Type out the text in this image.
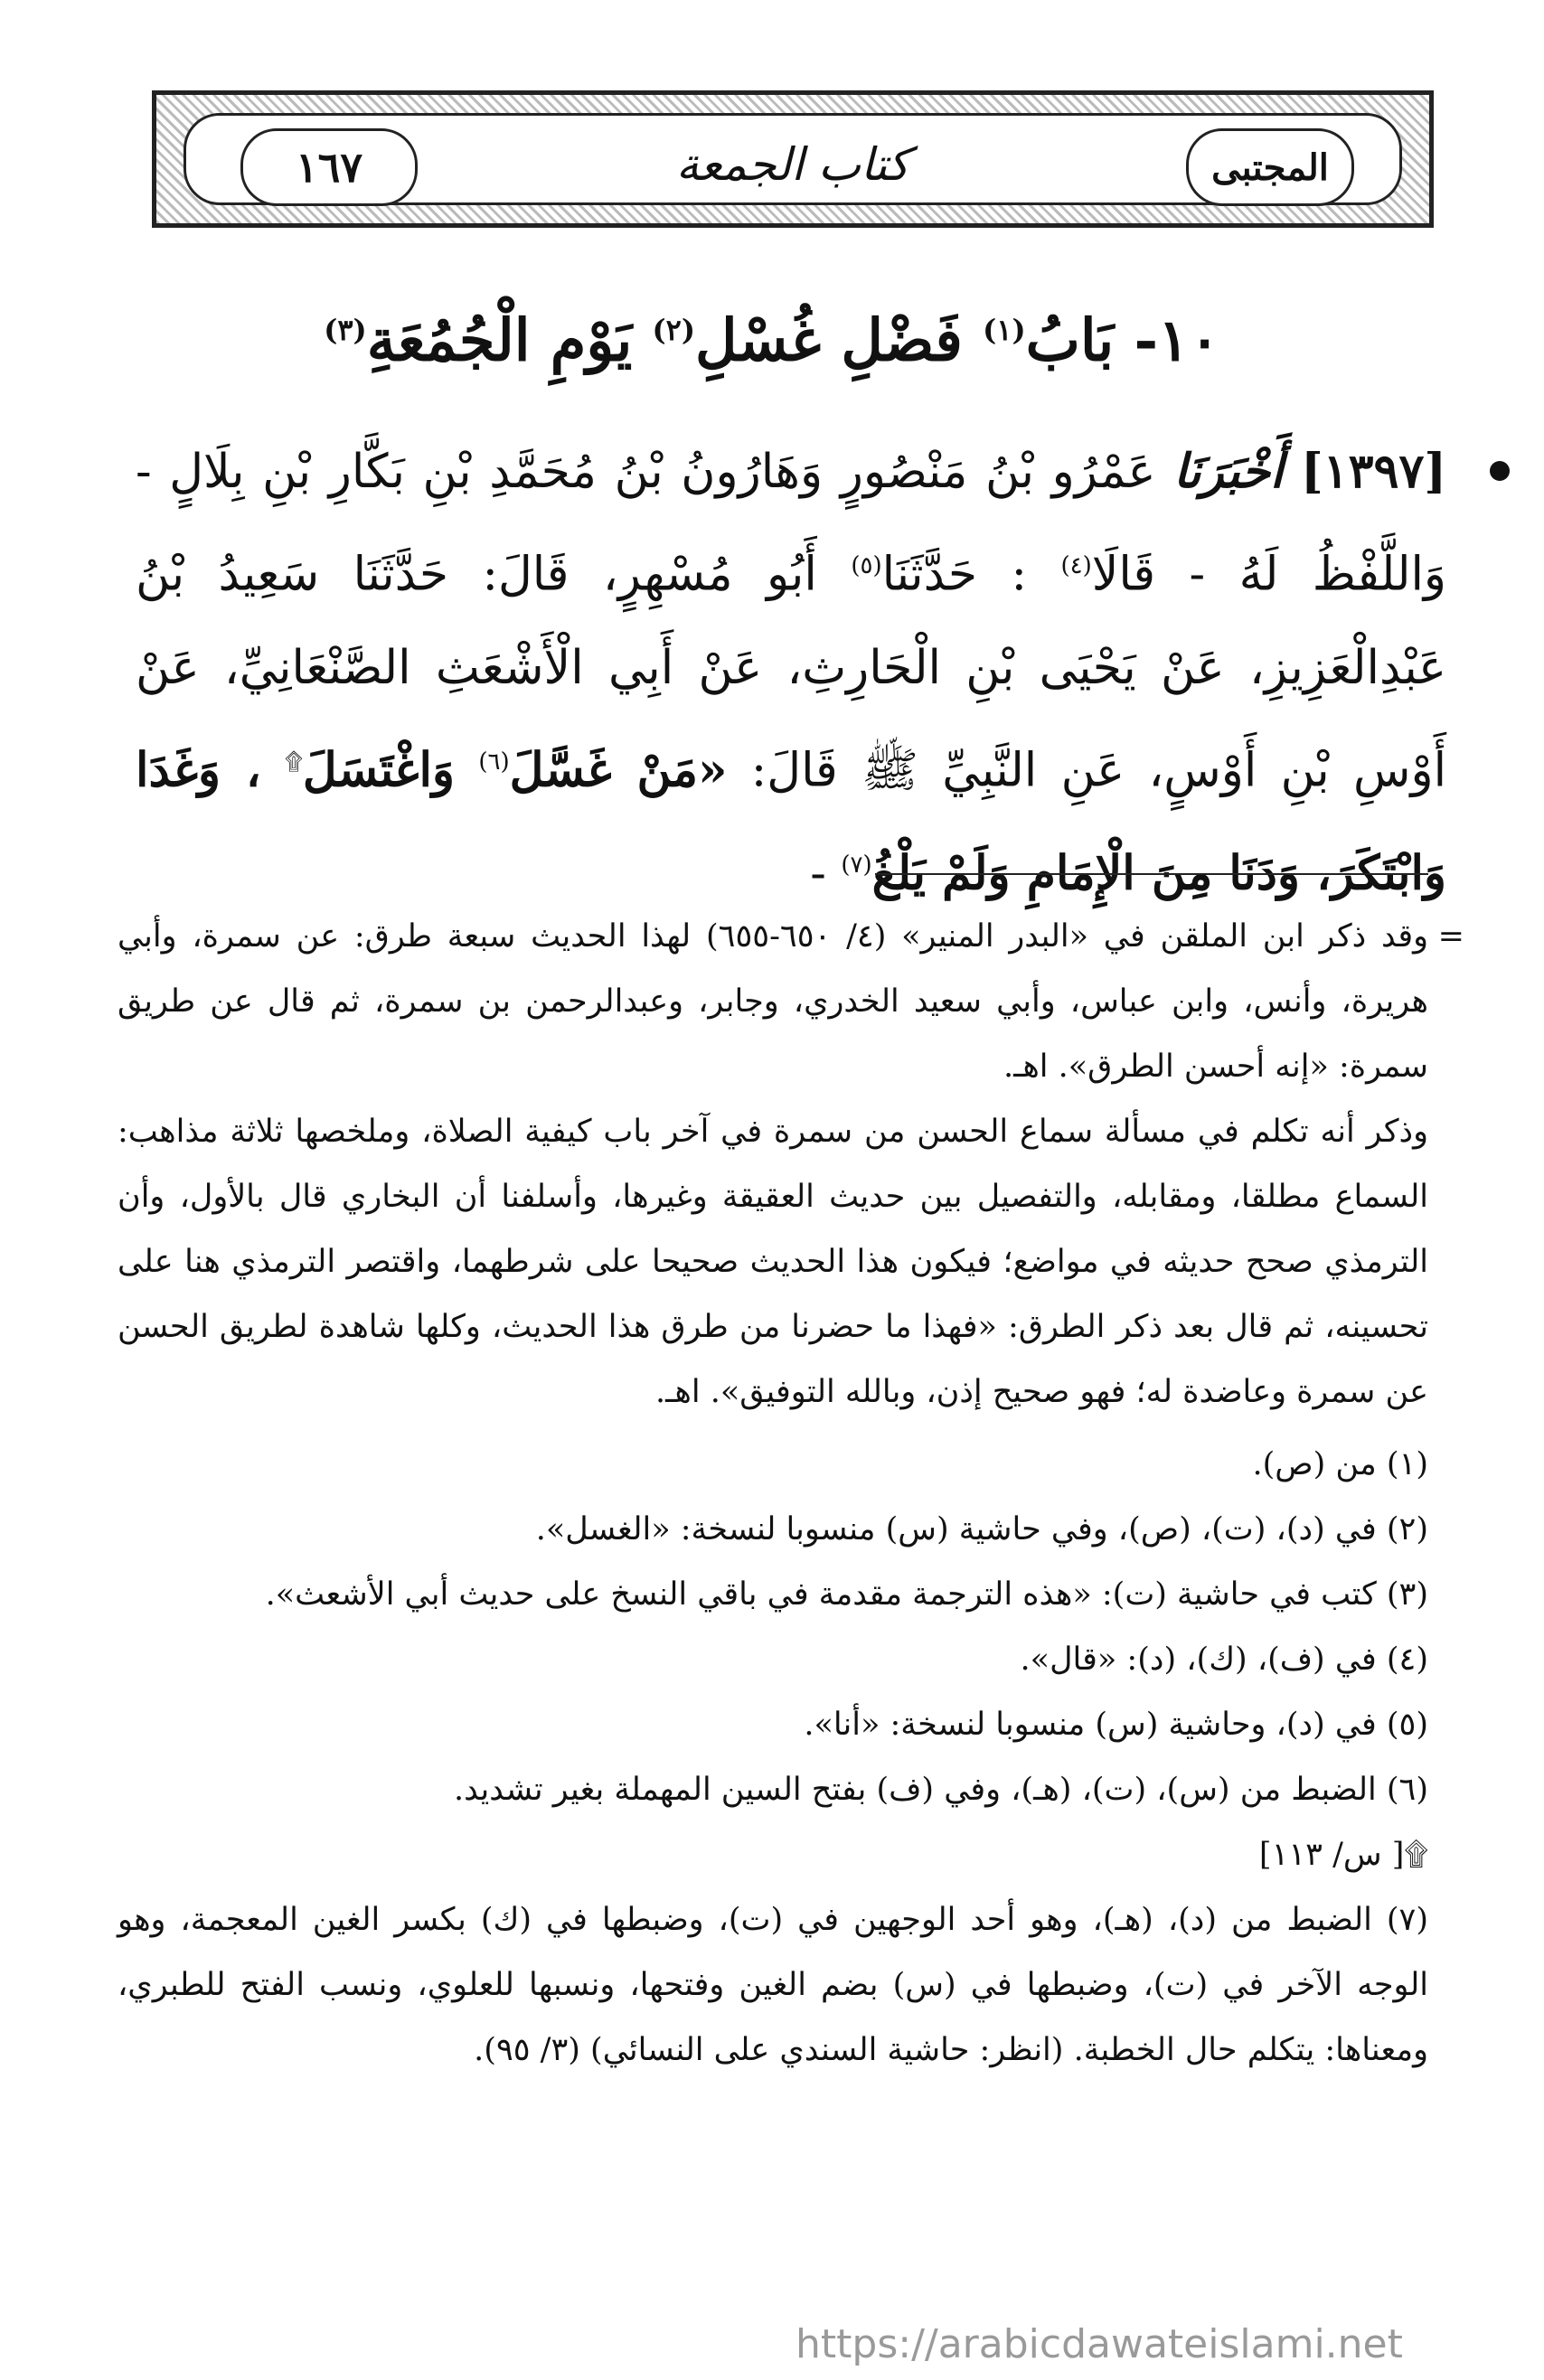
١٦٧	كتاب الجمعة	المجتبى
١٠- بَابُ$^{(١)}$ فَضْلِ غُسْلِ$^{(٢)}$ يَوْمِ الْجُمُعَةِ$^{(٣)}$
[١٣٩٧] أَخْبَرَنَا عَمْرُو بْنُ مَنْصُورٍ وَهَارُونُ بْنُ مُحَمَّدِ بْنِ بَكَّارِ بْنِ بِلَالٍ - وَاللَّفْظُ لَهُ - قَالَا$^{(٤)}$ : حَدَّثَنَا$^{(٥)}$ أَبُو مُسْهِرٍ، قَالَ: حَدَّثَنَا سَعِيدُ بْنُ عَبْدِالْعَزِيزِ، عَنْ يَحْيَى بْنِ الْحَارِثِ، عَنْ أَبِي الْأَشْعَثِ الصَّنْعَانِيِّ، عَنْ أَوْسِ بْنِ أَوْسٍ، عَنِ النَّبِيِّ ﷺ قَالَ: «مَنْ غَسَّلَ$^{(٦)}$ وَاغْتَسَلَ۩ ، وَغَدَا وَابْتَكَرَ، وَدَنَا مِنَ الْإِمَامِ وَلَمْ يَلْغُ$^{(٧)}$ -
=

وقد ذكر ابن الملقن في «البدر المنير» (٤/ ٦٥٠-٦٥٥) لهذا الحديث سبعة طرق: عن سمرة، وأبي هريرة، وأنس، وابن عباس، وأبي سعيد الخدري، وجابر، وعبدالرحمن بن سمرة، ثم قال عن طريق سمرة: «إنه أحسن الطرق». اهـ.

وذكر أنه تكلم في مسألة سماع الحسن من سمرة في آخر باب كيفية الصلاة، وملخصها ثلاثة مذاهب: السماع مطلقا، ومقابله، والتفصيل بين حديث العقيقة وغيرها، وأسلفنا أن البخاري قال بالأول، وأن الترمذي صحح حديثه في مواضع؛ فيكون هذا الحديث صحيحا على شرطهما، واقتصر الترمذي هنا على تحسينه، ثم قال بعد ذكر الطرق: «فهذا ما حضرنا من طرق هذا الحديث، وكلها شاهدة لطريق الحسن عن سمرة وعاضدة له؛ فهو صحيح إذن، وبالله التوفيق». اهـ.

(١) من (ص).

(٢) في (د)، (ت)، (ص)، وفي حاشية (س) منسوبا لنسخة: «الغسل».

(٣) كتب في حاشية (ت): «هذه الترجمة مقدمة في باقي النسخ على حديث أبي الأشعث».

(٤) في (ف)، (ك)، (د): «قال».

(٥) في (د)، وحاشية (س) منسوبا لنسخة: «أنا».

(٦) الضبط من (س)، (ت)، (هـ)، وفي (ف) بفتح السين المهملة بغير تشديد.

۩[ س/ ١١٣]

(٧) الضبط من (د)، (هـ)، وهو أحد الوجهين في (ت)، وضبطها في (ك) بكسر الغين المعجمة، وهو الوجه الآخر في (ت)، وضبطها في (س) بضم الغين وفتحها، ونسبها للعلوي، ونسب الفتح للطبري، ومعناها: يتكلم حال الخطبة. (انظر: حاشية السندي على النسائي) (٣/ ٩٥).

https://arabicdawateislami.net
